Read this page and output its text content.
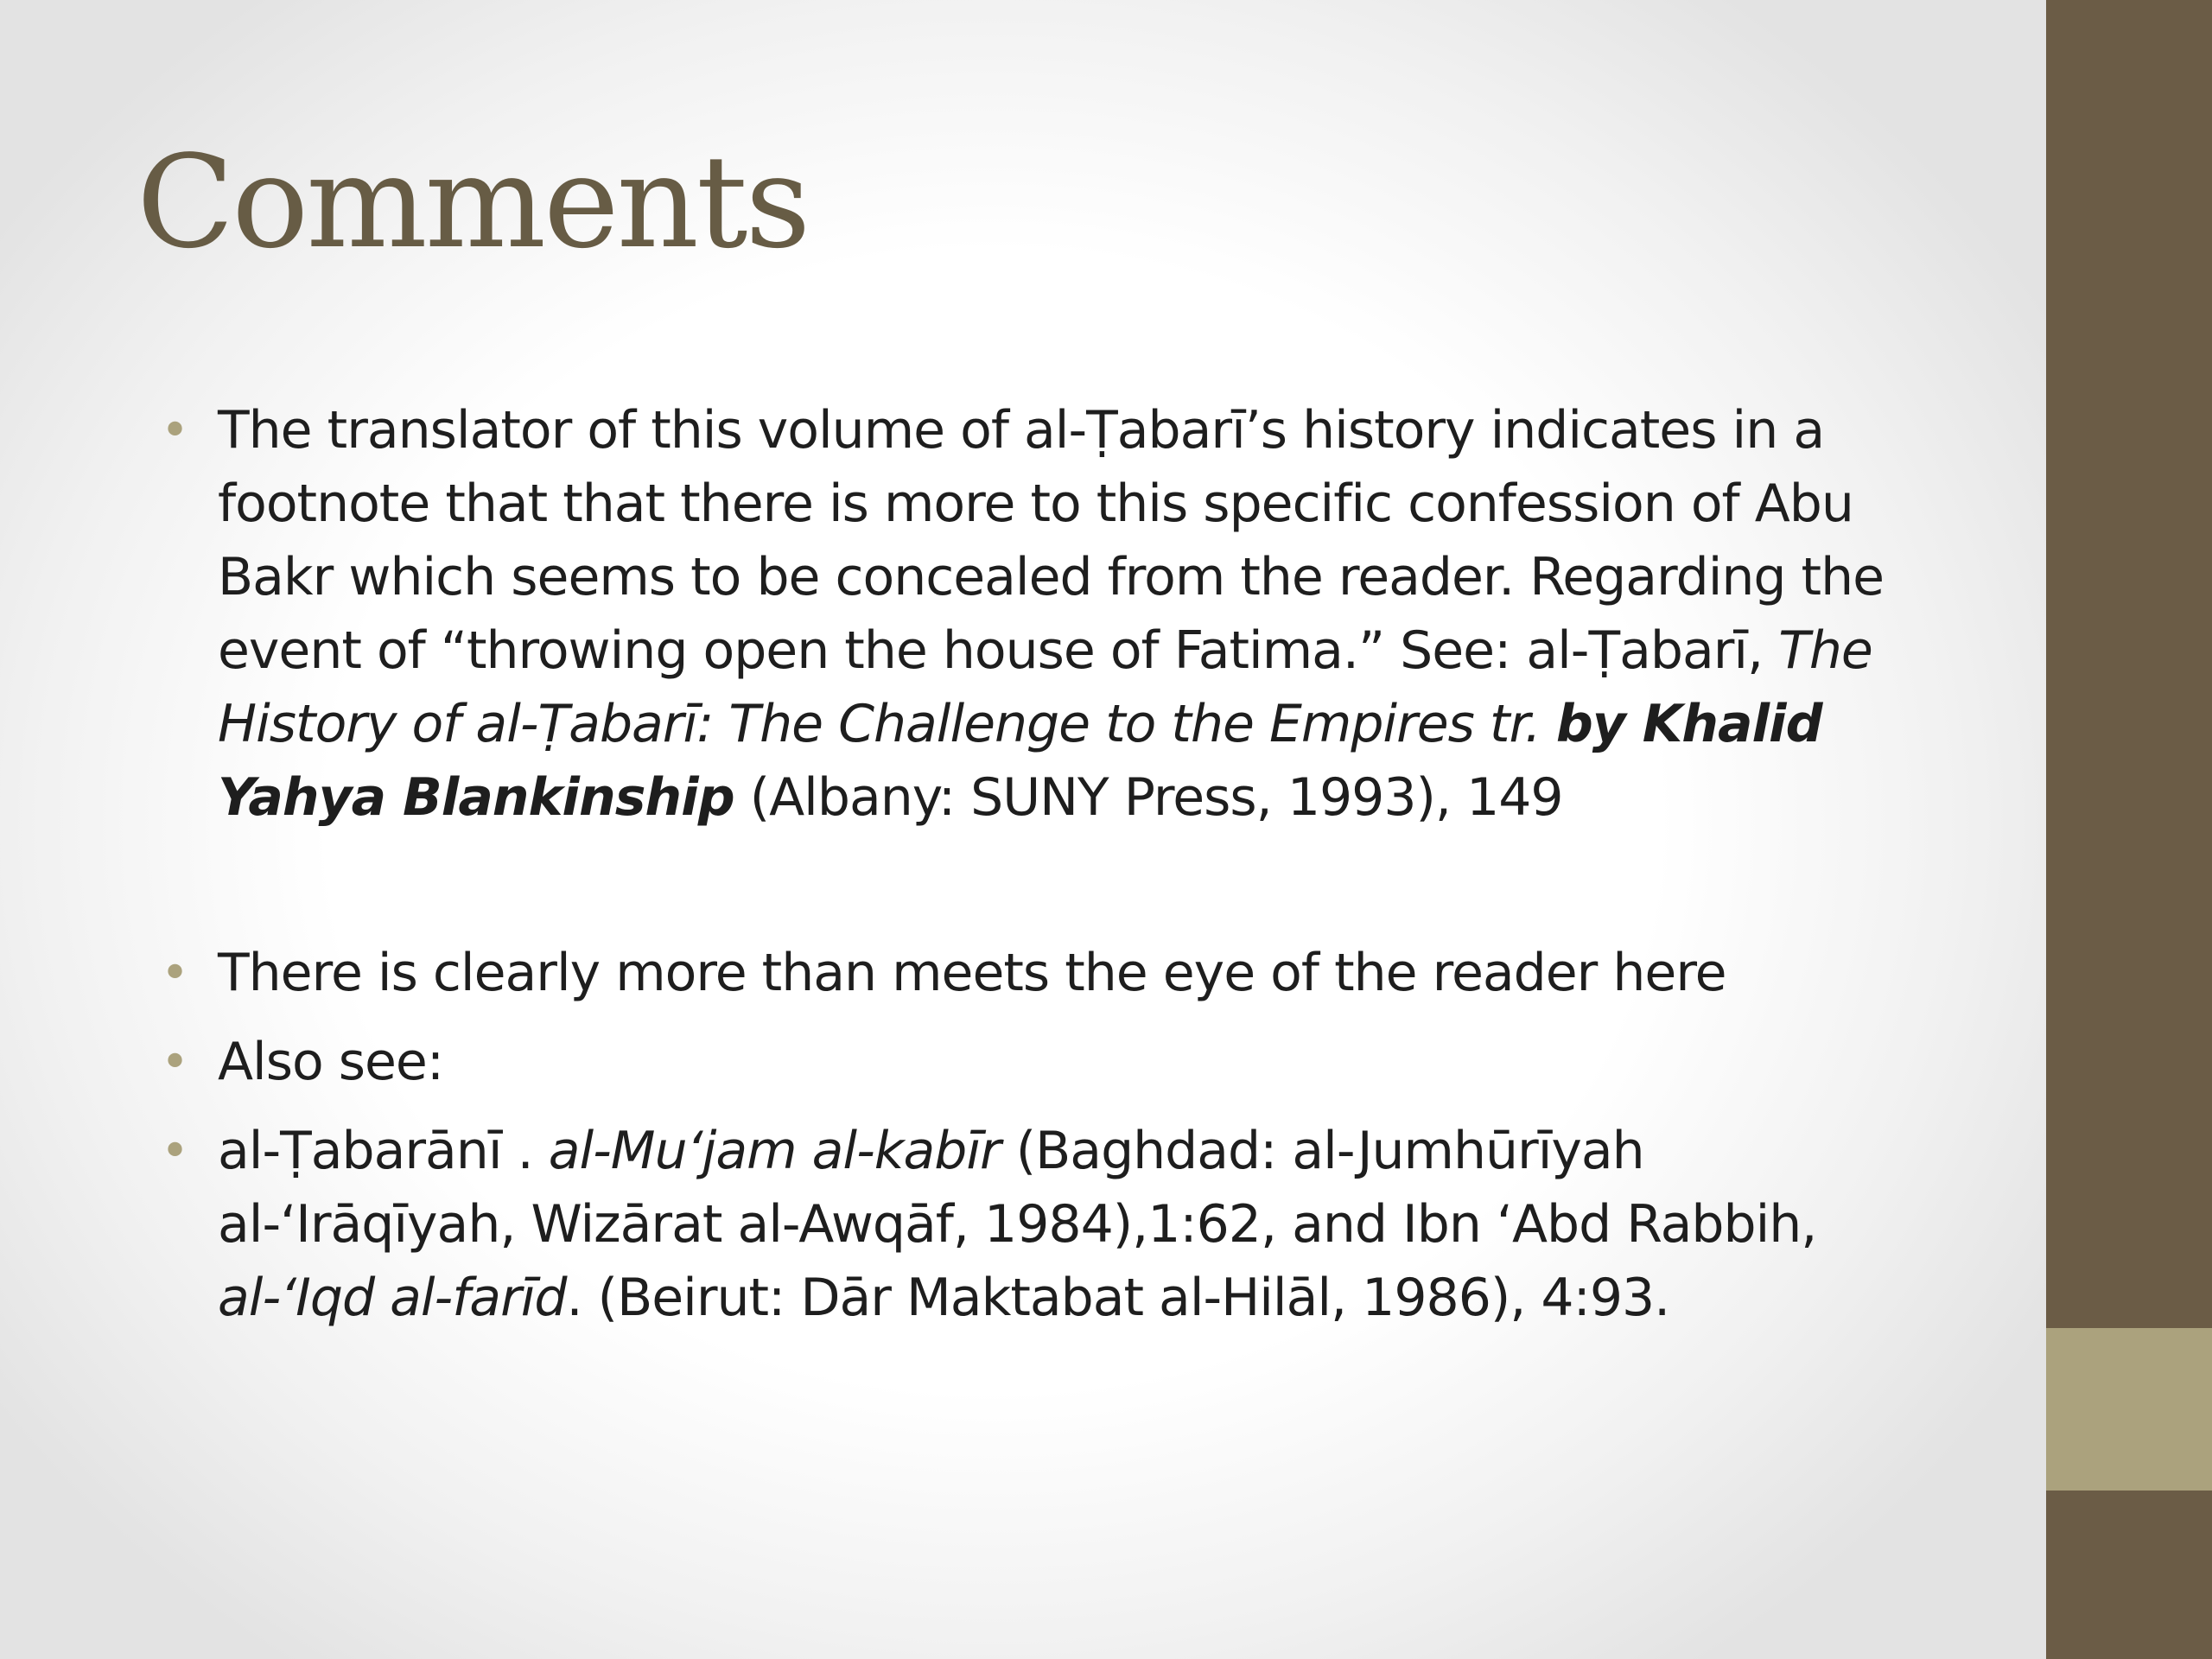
Comments
• The translator of this volume of al-Ṭabarī’s history indicates in a footnote that that there is more to this specific confession of Abu Bakr which seems to be concealed from the reader. Regarding the event of “throwing open the house of Fatima.” See: al-Ṭabarī, The History of al-Ṭabarī: The Challenge to the Empires tr. by Khalid Yahya Blankinship (Albany: SUNY Press, 1993), 149
• There is clearly more than meets the eye of the reader here
• Also see:
• al-Ṭabarānī . al-Mu‘jam al-kabīr (Baghdad: al-Jumhūrīyah al-‘Irāqīyah, Wizārat al-Awqāf, 1984),1:62, and Ibn ‘Abd Rabbih, al-‘Iqd al-farīd. (Beirut: Dār Maktabat al-Hilāl, 1986), 4:93.
